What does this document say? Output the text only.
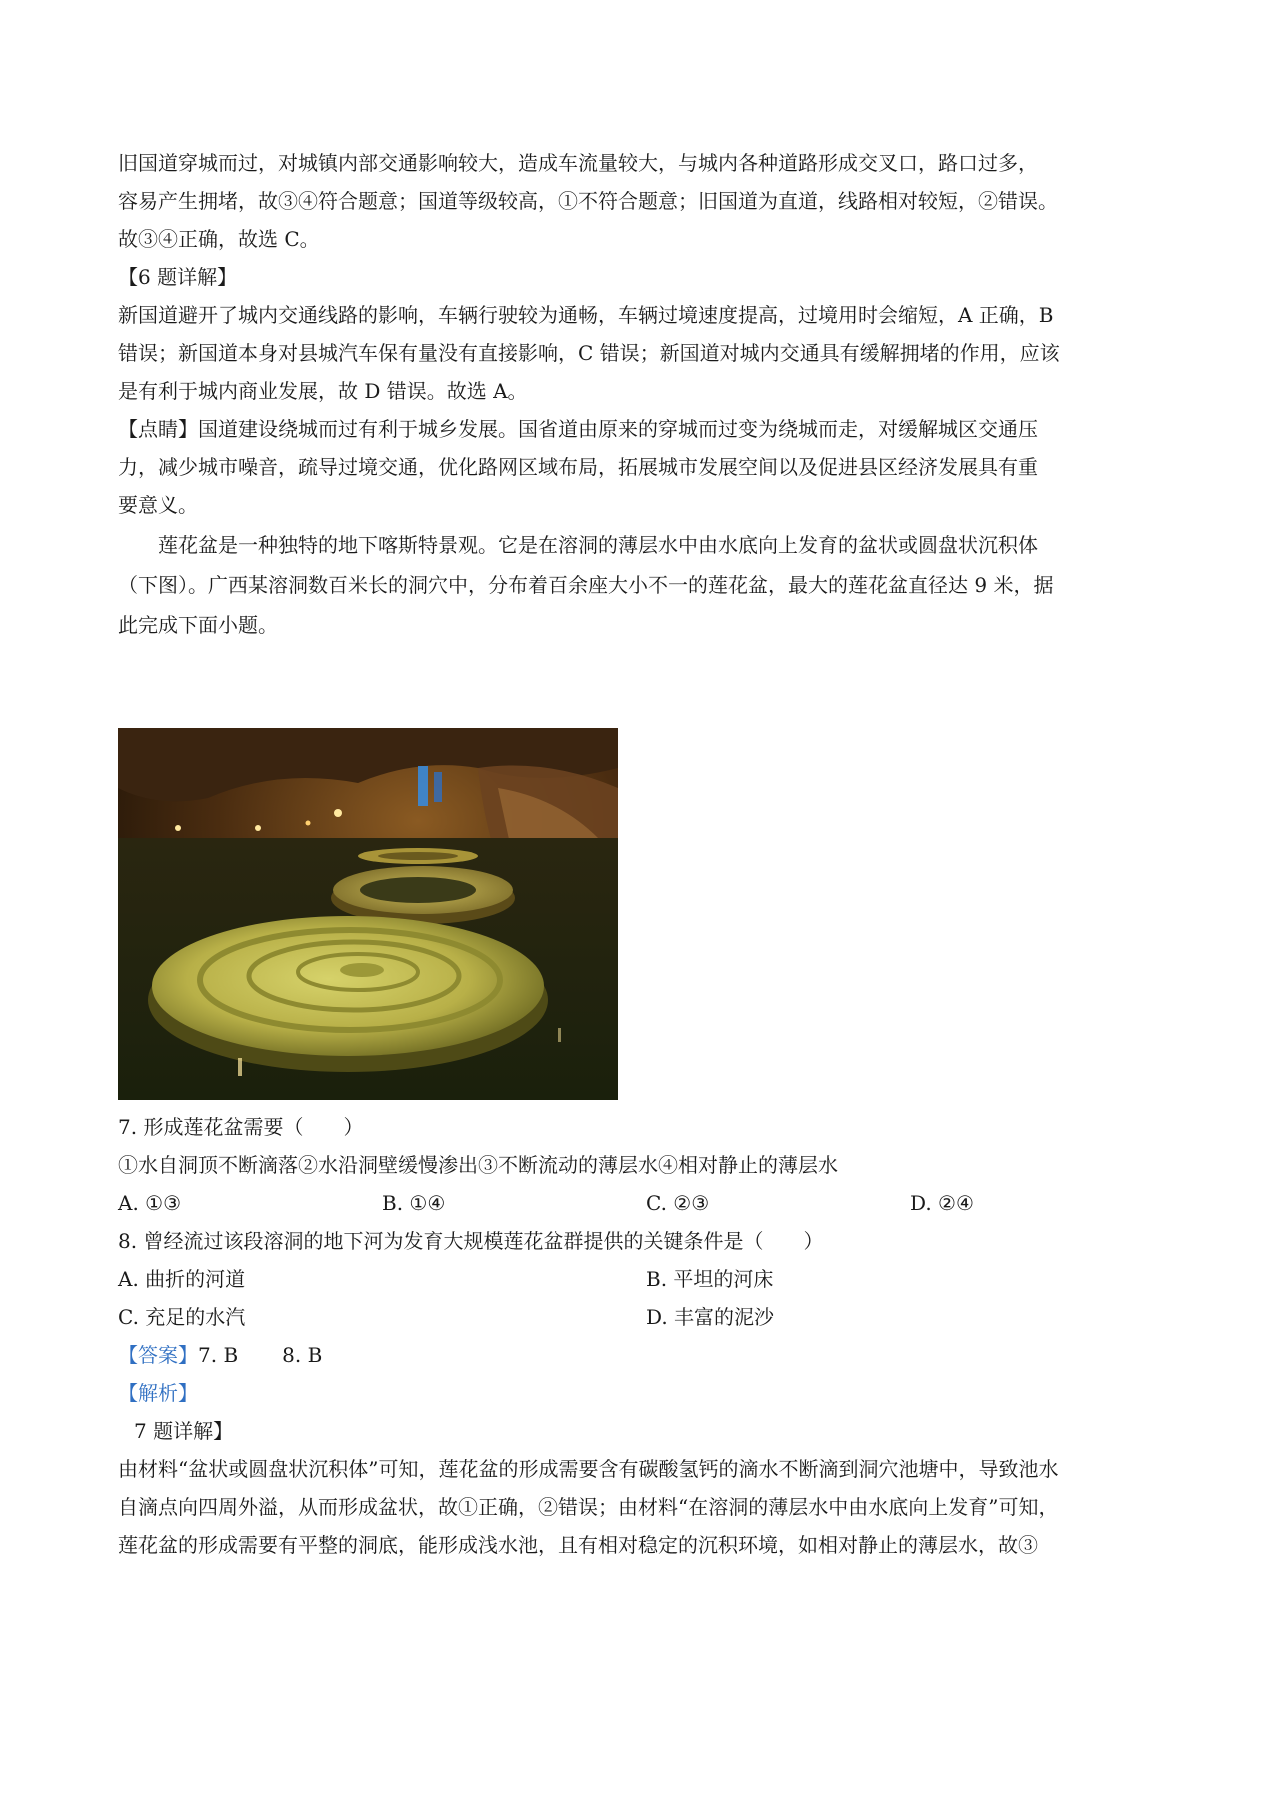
旧国道穿城而过，对城镇内部交通影响较大，造成车流量较大，与城内各种道路形成交叉口，路口过多，
容易产生拥堵，故③④符合题意；国道等级较高，①不符合题意；旧国道为直道，线路相对较短，②错误。
故③④正确，故选 C。
【6 题详解】
新国道避开了城内交通线路的影响，车辆行驶较为通畅，车辆过境速度提高，过境用时会缩短，A 正确，B
错误；新国道本身对县城汽车保有量没有直接影响，C 错误；新国道对城内交通具有缓解拥堵的作用，应该
是有利于城内商业发展，故 D 错误。故选 A。
【点睛】国道建设绕城而过有利于城乡发展。国省道由原来的穿城而过变为绕城而走，对缓解城区交通压
力，减少城市噪音，疏导过境交通，优化路网区域布局，拓展城市发展空间以及促进县区经济发展具有重
要意义。
莲花盆是一种独特的地下喀斯特景观。它是在溶洞的薄层水中由水底向上发育的盆状或圆盘状沉积体
（下图）。广西某溶洞数百米长的洞穴中，分布着百余座大小不一的莲花盆，最大的莲花盆直径达 9 米，据
此完成下面小题。
7. 形成莲花盆需要（　　）
①水自洞顶不断滴落②水沿洞壁缓慢渗出③不断流动的薄层水④相对静止的薄层水
A. ①③	B. ①④	C. ②③	D. ②④
8. 曾经流过该段溶洞的地下河为发育大规模莲花盆群提供的关键条件是（　　）
A. 曲折的河道	B. 平坦的河床
C. 充足的水汽	D. 丰富的泥沙
【答案】7. B 8. B
【解析】
7 题详解】
由材料“盆状或圆盘状沉积体”可知，莲花盆的形成需要含有碳酸氢钙的滴水不断滴到洞穴池塘中，导致池水
自滴点向四周外溢，从而形成盆状，故①正确，②错误；由材料“在溶洞的薄层水中由水底向上发育”可知，
莲花盆的形成需要有平整的洞底，能形成浅水池，且有相对稳定的沉积环境，如相对静止的薄层水，故③
